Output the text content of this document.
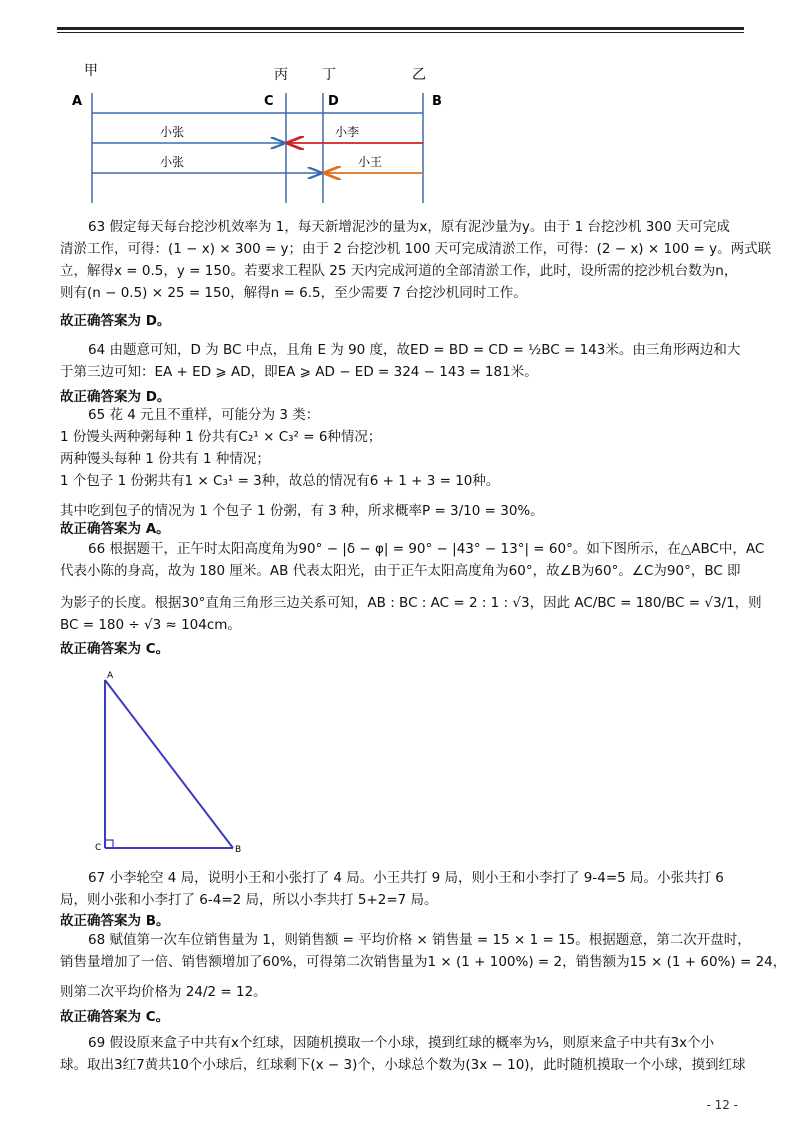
甲	丙 丁	乙
A	C	D	B
小张	小李
小张	小王
63 假定每天每台挖沙机效率为 1，每天新增泥沙的量为x，原有泥沙量为y。由于 1 台挖沙机 300 天可完成
清淤工作，可得：(1 − x) × 300 = y；由于 2 台挖沙机 100 天可完成清淤工作，可得：(2 − x) × 100 = y。两式联
立，解得x = 0.5，y = 150。若要求工程队 25 天内完成河道的全部清淤工作，此时，设所需的挖沙机台数为n，
则有(n − 0.5) × 25 = 150，解得n = 6.5，至少需要 7 台挖沙机同时工作。
故正确答案为 D。
64 由题意可知，D 为 BC 中点，且角 E 为 90 度，故ED = BD = CD = ½BC = 143米。由三角形两边和大
于第三边可知：EA + ED ⩾ AD，即EA ⩾ AD − ED = 324 − 143 = 181米。
故正确答案为 D。
65 花 4 元且不重样，可能分为 3 类：
1 份馒头两种粥每种 1 份共有C₂¹ × C₃² = 6种情况；
两种馒头每种 1 份共有 1 种情况；
1 个包子 1 份粥共有1 × C₃¹ = 3种，故总的情况有6 + 1 + 3 = 10种。
其中吃到包子的情况为 1 个包子 1 份粥，有 3 种，所求概率P = 3/10 = 30%。
故正确答案为 A。
66 根据题干，正午时太阳高度角为90° − |δ − φ| = 90° − |43° − 13°| = 60°。如下图所示，在△ABC中，AC
代表小陈的身高，故为 180 厘米。AB 代表太阳光，由于正午太阳高度角为60°，故∠B为60°。∠C为90°，BC 即
为影子的长度。根据30°直角三角形三边关系可知，AB : BC : AC = 2 : 1 : √3，因此 AC/BC = 180/BC = √3/1，则
BC = 180 ÷ √3 ≈ 104cm。
故正确答案为 C。
A
C	B
67 小李轮空 4 局，说明小王和小张打了 4 局。小王共打 9 局，则小王和小李打了 9-4=5 局。小张共打 6
局，则小张和小李打了 6-4=2 局，所以小李共打 5+2=7 局。
故正确答案为 B。
68 赋值第一次车位销售量为 1，则销售额 = 平均价格 × 销售量 = 15 × 1 = 15。根据题意，第二次开盘时，
销售量增加了一倍、销售额增加了60%，可得第二次销售量为1 × (1 + 100%) = 2，销售额为15 × (1 + 60%) = 24，
则第二次平均价格为 24/2 = 12。
故正确答案为 C。
69 假设原来盒子中共有x个红球，因随机摸取一个小球，摸到红球的概率为⅓，则原来盒子中共有3x个小
球。取出3红7黄共10个小球后，红球剩下(x − 3)个，小球总个数为(3x − 10)，此时随机摸取一个小球，摸到红球
- 12 -
